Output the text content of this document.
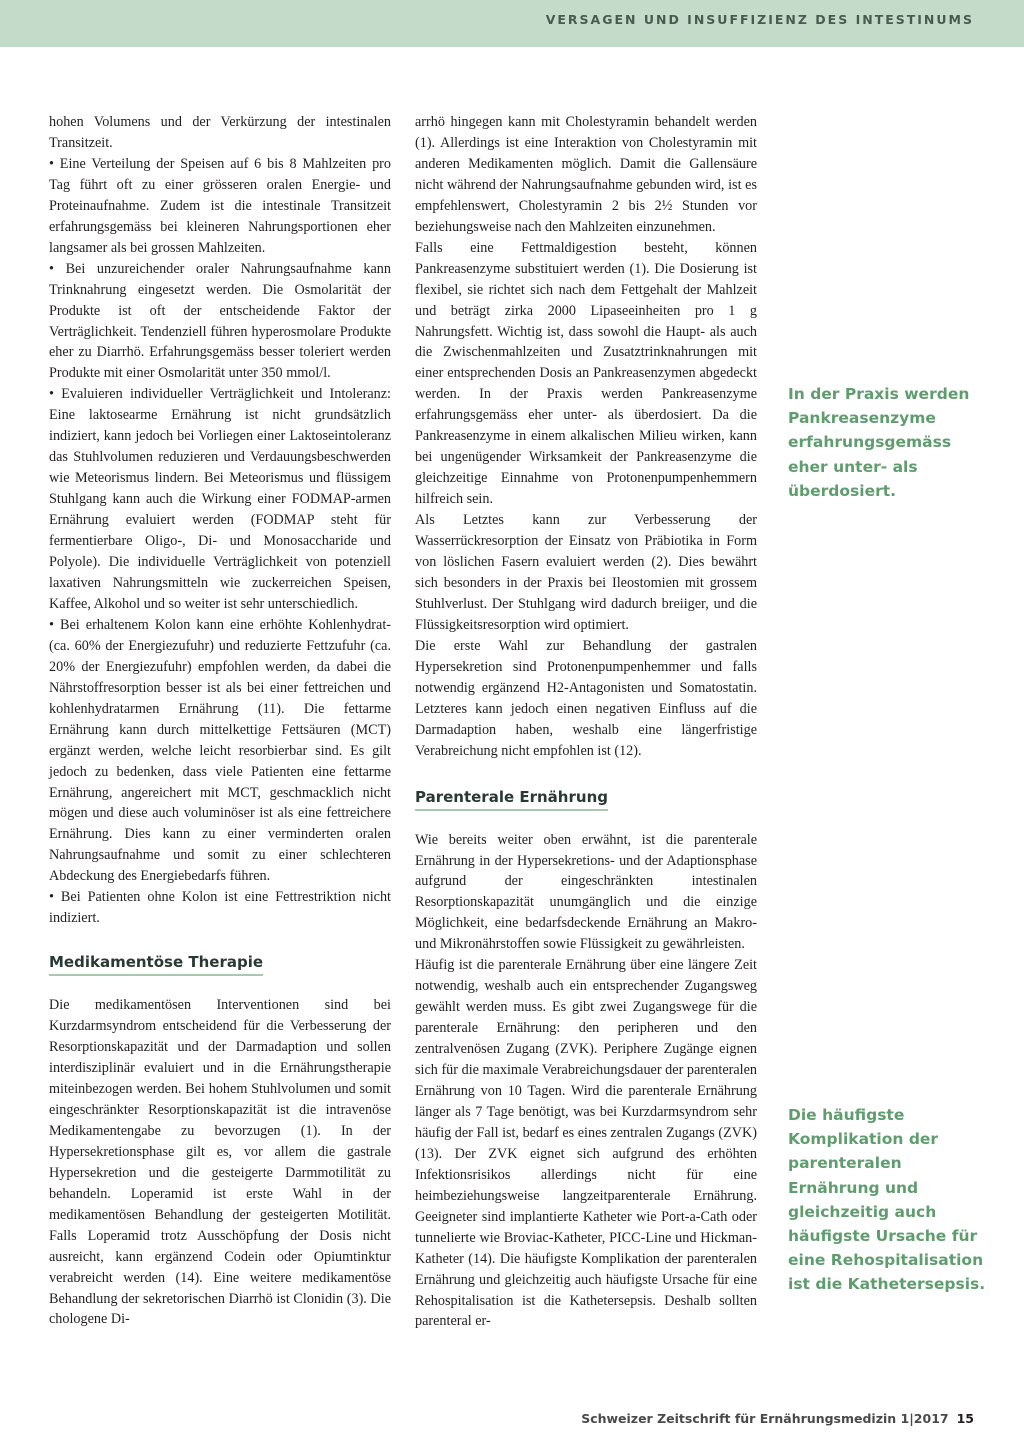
VERSAGEN UND INSUFFIZIENZ DES INTESTINUMS

hohen Volumens und der Verkürzung der intestinalen Transitzeit.

• Eine Verteilung der Speisen auf 6 bis 8 Mahlzeiten pro Tag führt oft zu einer grösseren oralen Energie- und Proteinaufnahme. Zudem ist die intestinale Transitzeit erfahrungsgemäss bei kleineren Nahrungsportionen eher langsamer als bei grossen Mahlzeiten.

• Bei unzureichender oraler Nahrungsaufnahme kann Trinknahrung eingesetzt werden. Die Osmolarität der Produkte ist oft der entscheidende Faktor der Verträglichkeit. Tendenziell führen hyperosmolare Produkte eher zu Diarrhö. Erfahrungsgemäss besser toleriert werden Produkte mit einer Osmolarität unter 350 mmol/l.

• Evaluieren individueller Verträglichkeit und Intoleranz: Eine laktosearme Ernährung ist nicht grundsätzlich indiziert, kann jedoch bei Vorliegen einer Laktoseintoleranz das Stuhlvolumen reduzieren und Verdauungsbeschwerden wie Meteorismus lindern. Bei Meteorismus und flüssigem Stuhlgang kann auch die Wirkung einer FODMAP-armen Ernährung evaluiert werden (FODMAP steht für fermentierbare Oligo-, Di- und Monosaccharide und Polyole). Die individuelle Verträglichkeit von potenziell laxativen Nahrungsmitteln wie zuckerreichen Speisen, Kaffee, Alkohol und so weiter ist sehr unterschiedlich.

• Bei erhaltenem Kolon kann eine erhöhte Kohlenhydrat- (ca. 60% der Energiezufuhr) und reduzierte Fettzufuhr (ca. 20% der Energiezufuhr) empfohlen werden, da dabei die Nährstoffresorption besser ist als bei einer fettreichen und kohlenhydratarmen Ernährung (11). Die fettarme Ernährung kann durch mittelkettige Fettsäuren (MCT) ergänzt werden, welche leicht resorbierbar sind. Es gilt jedoch zu bedenken, dass viele Patienten eine fettarme Ernährung, angereichert mit MCT, geschmacklich nicht mögen und diese auch voluminöser ist als eine fettreichere Ernährung. Dies kann zu einer verminderten oralen Nahrungsaufnahme und somit zu einer schlechteren Abdeckung des Energiebedarfs führen.

• Bei Patienten ohne Kolon ist eine Fettrestriktion nicht indiziert.

Medikamentöse Therapie

Die medikamentösen Interventionen sind bei Kurzdarmsyndrom entscheidend für die Verbesserung der Resorptionskapazität und der Darmadaption und sollen interdisziplinär evaluiert und in die Ernährungstherapie miteinbezogen werden. Bei hohem Stuhlvolumen und somit eingeschränkter Resorptionskapazität ist die intravenöse Medikamentengabe zu bevorzugen (1). In der Hypersekretionsphase gilt es, vor allem die gastrale Hypersekretion und die gesteigerte Darmmotilität zu behandeln. Loperamid ist erste Wahl in der medikamentösen Behandlung der gesteigerten Motilität. Falls Loperamid trotz Ausschöpfung der Dosis nicht ausreicht, kann ergänzend Codein oder Opiumtinktur verabreicht werden (14). Eine weitere medikamentöse Behandlung der sekretorischen Diarrhö ist Clonidin (3). Die chologene Di-

arrhö hingegen kann mit Cholestyramin behandelt werden (1). Allerdings ist eine Interaktion von Cholestyramin mit anderen Medikamenten möglich. Damit die Gallensäure nicht während der Nahrungsaufnahme gebunden wird, ist es empfehlenswert, Cholestyramin 2 bis 2½ Stunden vor beziehungsweise nach den Mahlzeiten einzunehmen.

Falls eine Fettmaldigestion besteht, können Pankreasenzyme substituiert werden (1). Die Dosierung ist flexibel, sie richtet sich nach dem Fettgehalt der Mahlzeit und beträgt zirka 2000 Lipaseeinheiten pro 1 g Nahrungsfett. Wichtig ist, dass sowohl die Haupt- als auch die Zwischenmahlzeiten und Zusatztrinknahrungen mit einer entsprechenden Dosis an Pankreasenzymen abgedeckt werden. In der Praxis werden Pankreasenzyme erfahrungsgemäss eher unter- als überdosiert. Da die Pankreasenzyme in einem alkalischen Milieu wirken, kann bei ungenügender Wirksamkeit der Pankreasenzyme die gleichzeitige Einnahme von Protonenpumpenhemmern hilfreich sein.

Als Letztes kann zur Verbesserung der Wasserrückresorption der Einsatz von Präbiotika in Form von löslichen Fasern evaluiert werden (2). Dies bewährt sich besonders in der Praxis bei Ileostomien mit grossem Stuhlverlust. Der Stuhlgang wird dadurch breiiger, und die Flüssigkeitsresorption wird optimiert.

Die erste Wahl zur Behandlung der gastralen Hypersekretion sind Protonenpumpenhemmer und falls notwendig ergänzend H2-Antagonisten und Somatostatin. Letzteres kann jedoch einen negativen Einfluss auf die Darmadaption haben, weshalb eine längerfristige Verabreichung nicht empfohlen ist (12).

Parenterale Ernährung

Wie bereits weiter oben erwähnt, ist die parenterale Ernährung in der Hypersekretions- und der Adaptionsphase aufgrund der eingeschränkten intestinalen Resorptionskapazität unumgänglich und die einzige Möglichkeit, eine bedarfsdeckende Ernährung an Makro- und Mikronährstoffen sowie Flüssigkeit zu gewährleisten.

Häufig ist die parenterale Ernährung über eine längere Zeit notwendig, weshalb auch ein entsprechender Zugangsweg gewählt werden muss. Es gibt zwei Zugangswege für die parenterale Ernährung: den peripheren und den zentralvenösen Zugang (ZVK). Periphere Zugänge eignen sich für die maximale Verabreichungsdauer der parenteralen Ernährung von 10 Tagen. Wird die parenterale Ernährung länger als 7 Tage benötigt, was bei Kurzdarmsyndrom sehr häufig der Fall ist, bedarf es eines zentralen Zugangs (ZVK) (13). Der ZVK eignet sich aufgrund des erhöhten Infektionsrisikos allerdings nicht für eine heimbeziehungsweise langzeitparenterale Ernährung. Geeigneter sind implantierte Katheter wie Port-a-Cath oder tunnelierte wie Broviac-Katheter, PICC-Line und Hickman-Katheter (14). Die häufigste Komplikation der parenteralen Ernährung und gleichzeitig auch häufigste Ursache für eine Rehospitalisation ist die Kathetersepsis. Deshalb sollten parenteral er-

In der Praxis werden Pankreasenzyme erfahrungsgemäss eher unter- als überdosiert.
Die häufigste Komplikation der parenteralen Ernährung und gleichzeitig auch häufigste Ursache für eine Rehospitalisation ist die Kathetersepsis.
Schweizer Zeitschrift für Ernährungsmedizin 1|2017 15
